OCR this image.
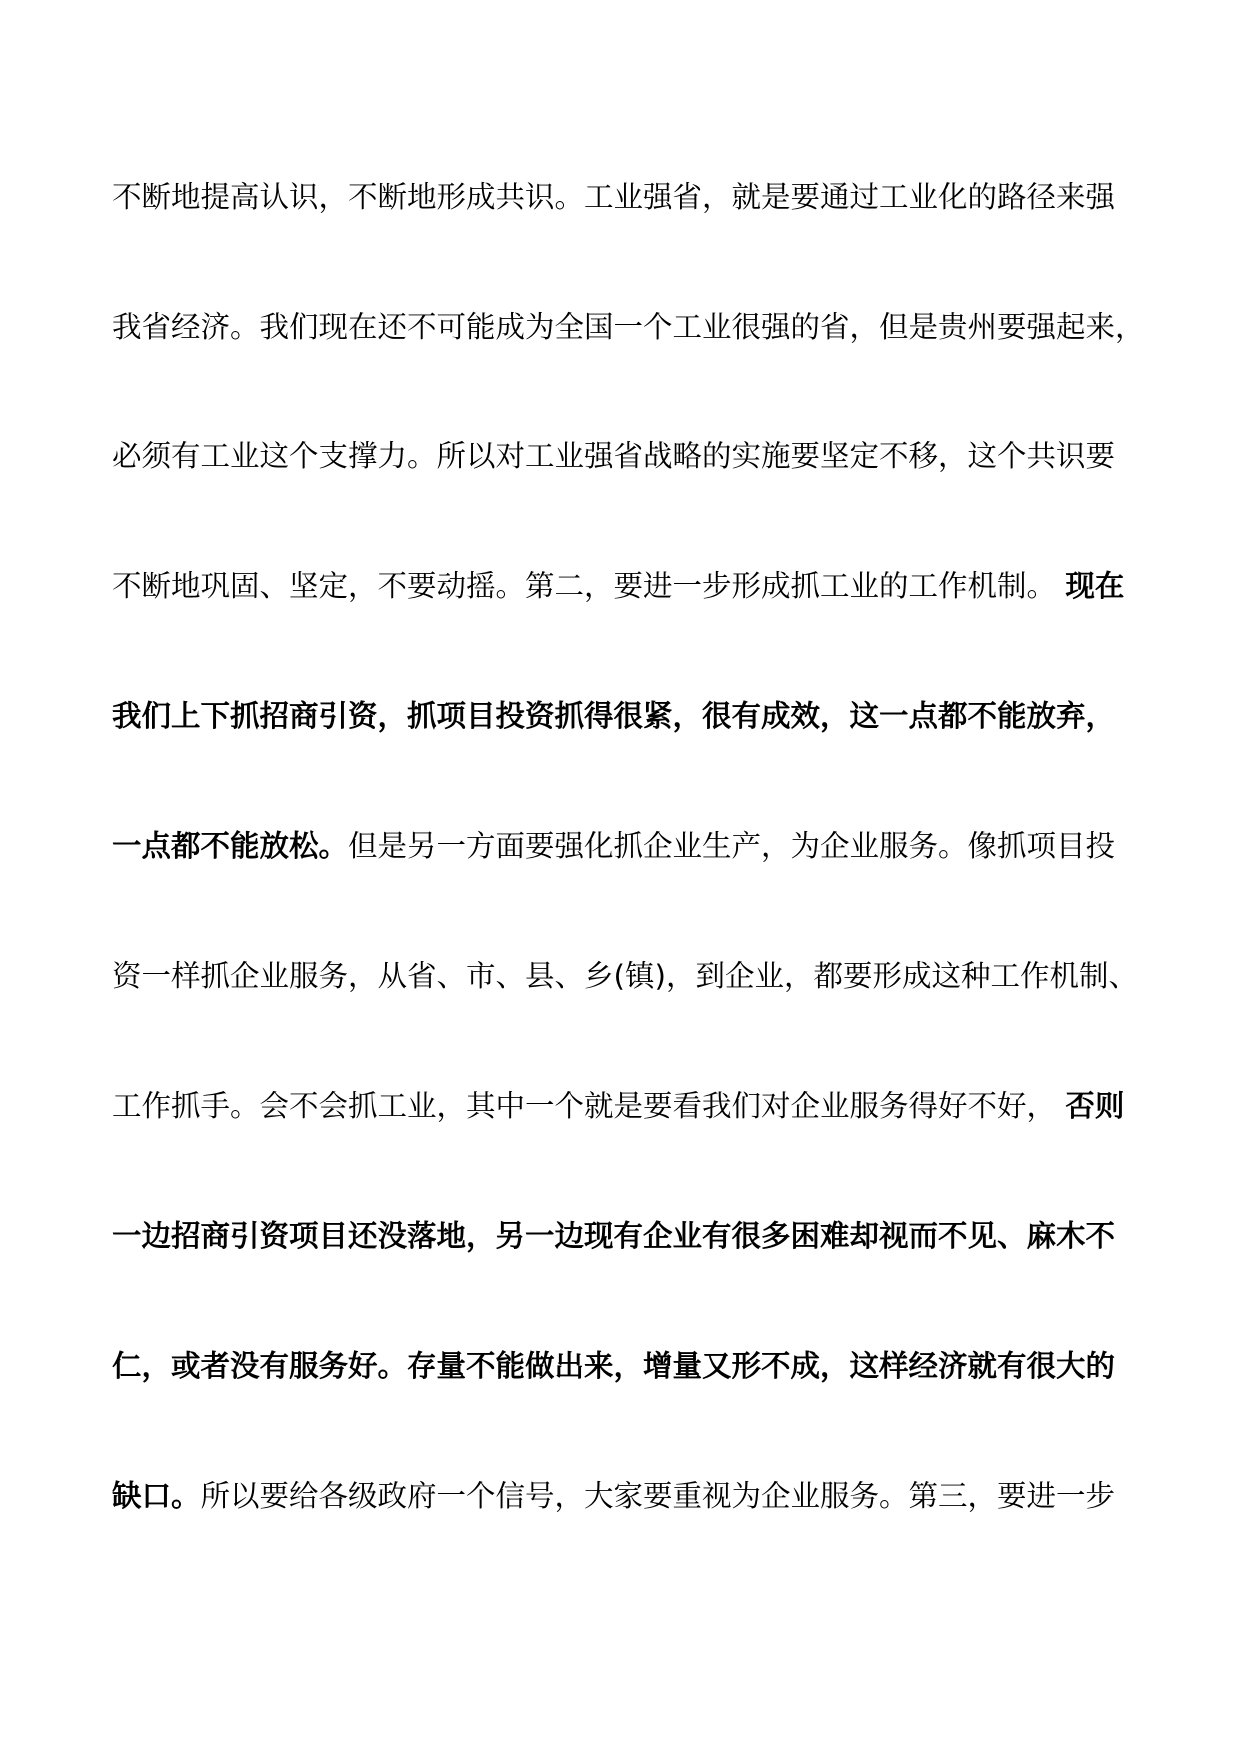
不断地提高认识，不断地形成共识。工业强省，就是要通过工业化的路径来强
我省经济。我们现在还不可能成为全国一个工业很强的省，但是贵州要强起来，
必须有工业这个支撑力。所以对工业强省战略的实施要坚定不移，这个共识要
不断地巩固、坚定，不要动摇。第二，要进一步形成抓工业的工作机制。 现在
我们上下抓招商引资，抓项目投资抓得很紧，很有成效，这一点都不能放弃，
一点都不能放松。但是另一方面要强化抓企业生产，为企业服务。像抓项目投
资一样抓企业服务，从省、市、县、乡(镇)，到企业，都要形成这种工作机制、
工作抓手。会不会抓工业，其中一个就是要看我们对企业服务得好不好， 否则
一边招商引资项目还没落地，另一边现有企业有很多困难却视而不见、麻木不
仁，或者没有服务好。存量不能做出来，增量又形不成，这样经济就有很大的
缺口。所以要给各级政府一个信号，大家要重视为企业服务。第三，要进一步
